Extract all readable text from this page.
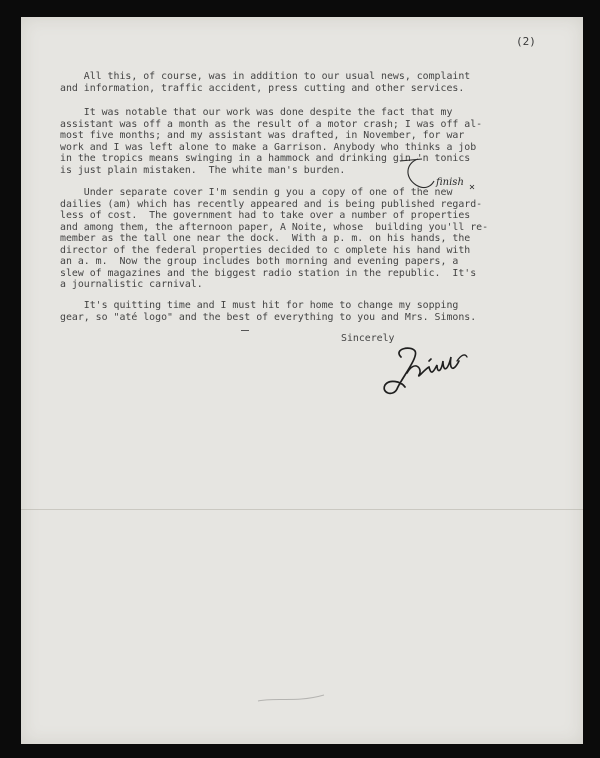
(2)

All this, of course, was in addition to our usual news, complaint
and information, traffic accident, press cutting and other services.

It was notable that our work was done despite the fact that my
assistant was off a month as the result of a motor crash; I was off al-
most five months; and my assistant was drafted, in November, for war
work and I was left alone to make a Garrison. Anybody who thinks a job
in the tropics means swinging in a hammock and drinking gin 'n tonics
is just plain mistaken.  The white man's burden.

Under separate cover I'm sendin g you a copy of one of the new
dailies (am) which has recently appeared and is being published regard-
less of cost.  The government had to take over a number of properties
and among them, the afternoon paper, A Noite, whose  building you'll re-
member as the tall one near the dock.  With a p. m. on his hands, the
director of the federal properties decided to c omplete his hand with
an a. m.  Now the group includes both morning and evening papers, a
slew of magazines and the biggest radio station in the republic.  It's
a journalistic carnival.

It's quitting time and I must hit for home to change my sopping
gear, so "até logo" and the best of everything to you and Mrs. Simons.

finish

Sincerely
